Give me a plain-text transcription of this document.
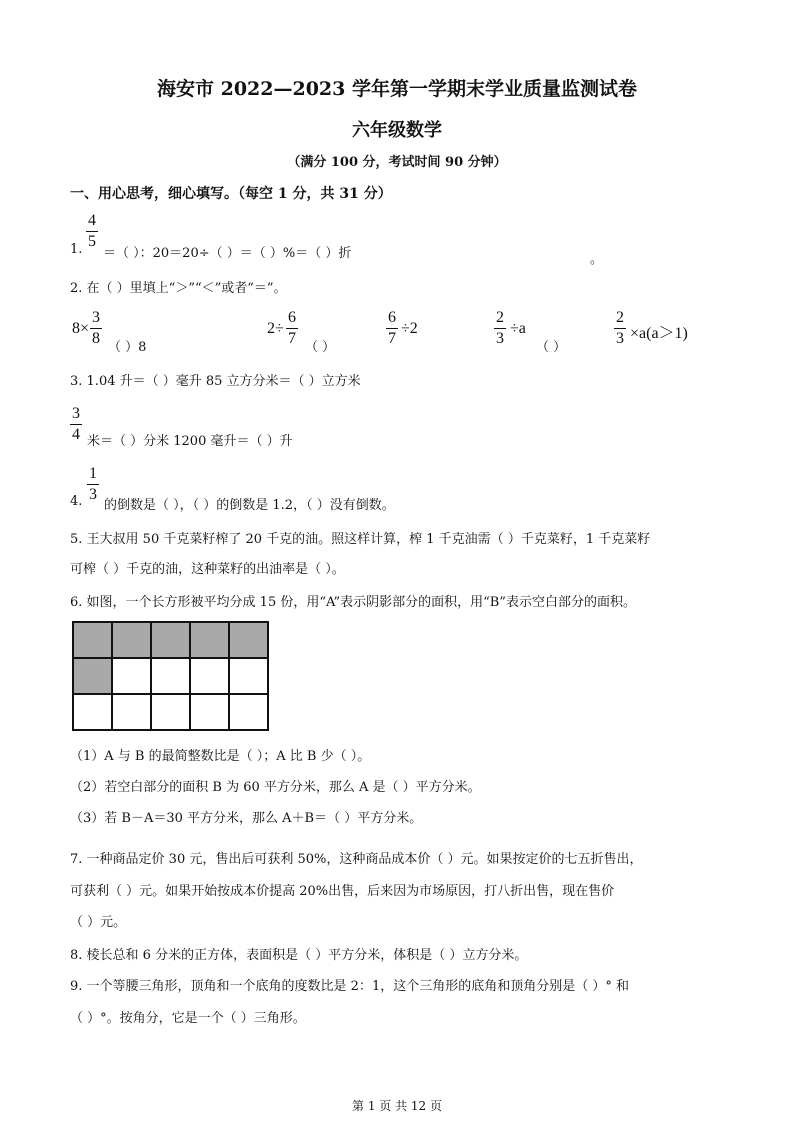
海安市 2022—2023 学年第一学期末学业质量监测试卷
六年级数学
（满分 100 分，考试时间 90 分钟）
一、用心思考，细心填写。（每空 1 分，共 31 分）
1.
4
5
＝（ ）：20＝20÷（ ）＝（ ）%＝（ ）折	。
2. 在（ ）里填上“＞”“＜”或者“＝”。
8×
3
8
（ ）8
2÷
6
7
（ ）
6
7
÷2
2
3
÷a
（ ）
2
3 ×a(a＞1)
3. 1.04 升＝（ ）毫升 85 立方分米＝（ ）立方米
3
4 米＝（ ）分米 1200 毫升＝（ ）升
4.
1
3
的倒数是（ ），（ ）的倒数是 1.2，（ ）没有倒数。
5. 王大叔用 50 千克菜籽榨了 20 千克的油。照这样计算，榨 1 千克油需（ ）千克菜籽，1 千克菜籽
可榨（ ）千克的油，这种菜籽的出油率是（ ）。
6. 如图，一个长方形被平均分成 15 份，用“A”表示阴影部分的面积，用“B”表示空白部分的面积。
（1）A 与 B 的最简整数比是（ ）；A 比 B 少（ ）。
（2）若空白部分的面积 B 为 60 平方分米，那么 A 是（ ）平方分米。
（3）若 B－A＝30 平方分米，那么 A＋B＝（ ）平方分米。
7. 一种商品定价 30 元，售出后可获利 50%，这种商品成本价（ ）元。如果按定价的七五折售出，
可获利（ ）元。如果开始按成本价提高 20%出售，后来因为市场原因，打八折出售，现在售价
（ ）元。
8. 棱长总和 6 分米的正方体，表面积是（ ）平方分米，体积是（ ）立方分米。
9. 一个等腰三角形，顶角和一个底角的度数比是 2：1，这个三角形的底角和顶角分别是（ ）° 和
（ ）°。按角分，它是一个（ ）三角形。
第 1 页 共 12 页
